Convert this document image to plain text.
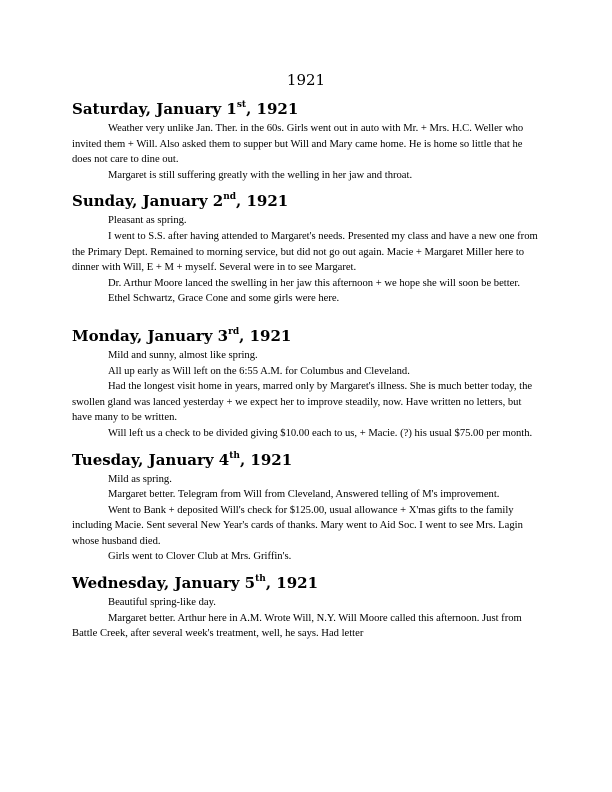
1921
Saturday, January 1st, 1921

Weather very unlike Jan. Ther. in the 60s. Girls went out in auto with Mr. + Mrs. H.C. Weller who invited them + Will. Also asked them to supper but Will and Mary came home. He is home so little that he does not care to dine out.

Margaret is still suffering greatly with the welling in her jaw and throat.

Sunday, January 2nd, 1921

Pleasant as spring.

I went to S.S. after having attended to Margaret's needs. Presented my class and have a new one from the Primary Dept. Remained to morning service, but did not go out again. Macie + Margaret Miller here to dinner with Will, E + M + myself. Several were in to see Margaret.

Dr. Arthur Moore lanced the swelling in her jaw this afternoon + we hope she will soon be better.

Ethel Schwartz, Grace Cone and some girls were here.

Monday, January 3rd, 1921

Mild and sunny, almost like spring.

All up early as Will left on the 6:55 A.M. for Columbus and Cleveland.

Had the longest visit home in years, marred only by Margaret's illness. She is much better today, the swollen gland was lanced yesterday + we expect her to improve steadily, now. Have written no letters, but have many to be written.

Will left us a check to be divided giving $10.00 each to us, + Macie. (?) his usual $75.00 per month.

Tuesday, January 4th, 1921

Mild as spring.

Margaret better. Telegram from Will from Cleveland, Answered telling of M's improvement.

Went to Bank + deposited Will's check for $125.00, usual allowance + X'mas gifts to the family including Macie. Sent several New Year's cards of thanks. Mary went to Aid Soc. I went to see Mrs. Lagin whose husband died.

Girls went to Clover Club at Mrs. Griffin's.

Wednesday, January 5th, 1921

Beautiful spring-like day.

Margaret better. Arthur here in A.M. Wrote Will, N.Y. Will Moore called this afternoon. Just from Battle Creek, after several week's treatment, well, he says. Had letter
